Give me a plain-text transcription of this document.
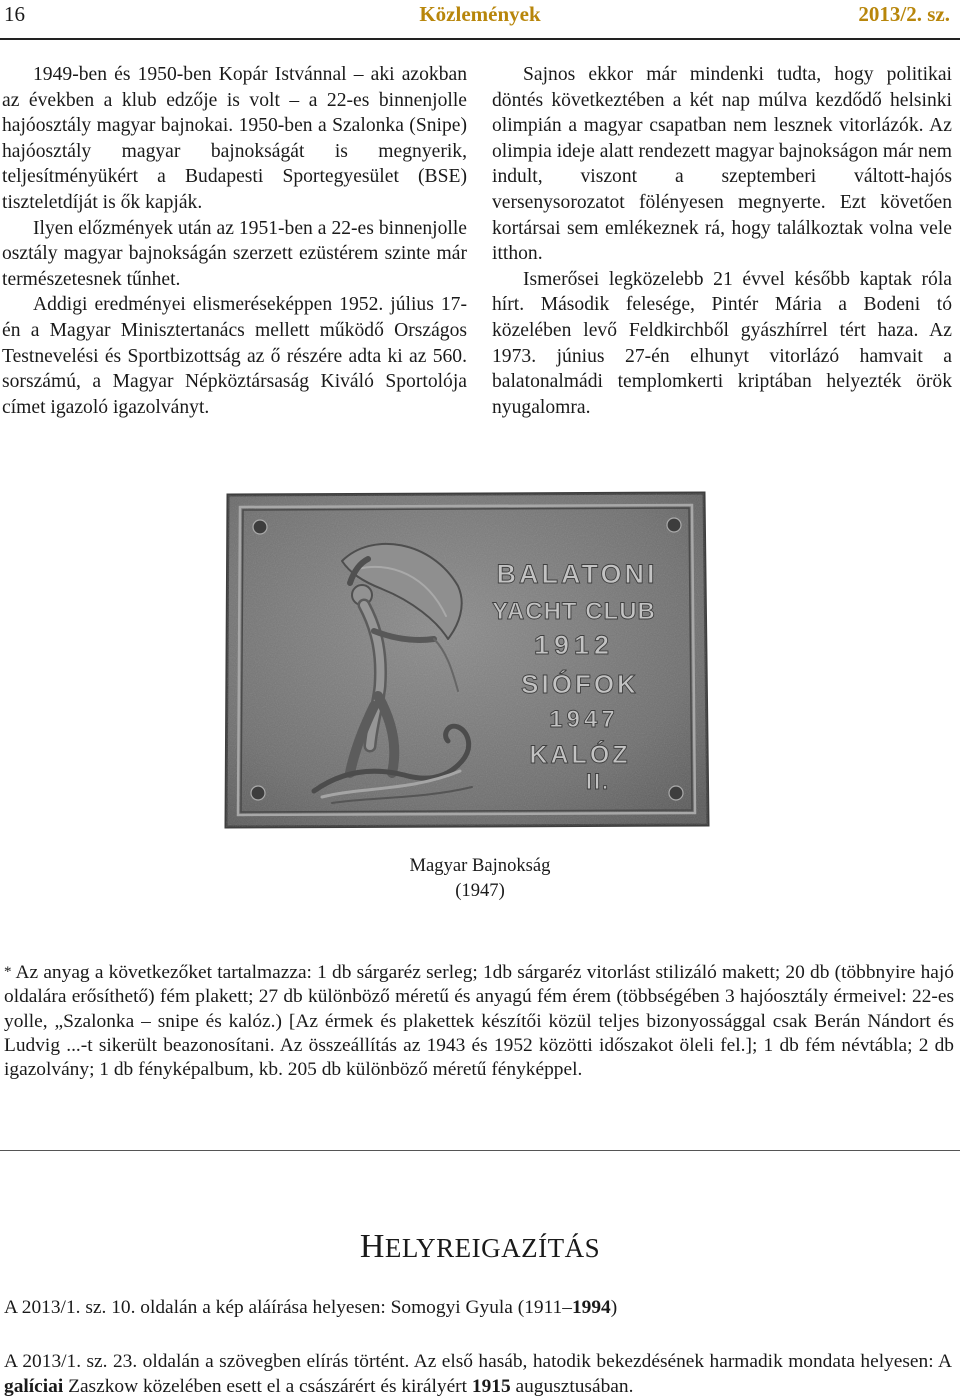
16	Közlemények	2013/2. sz.

1949-ben és 1950-ben Kopár Istvánnal – aki azokban az években a klub edzője is volt – a 22-es binnenjolle hajóosztály magyar bajnokai. 1950-ben a Szalonka (Snipe) hajóosztály magyar bajnokságát is megnyerik, teljesítményükért a Budapesti Sportegyesület (BSE) tiszteletdíját is ők kapják.

Ilyen előzmények után az 1951-ben a 22-es binnenjolle osztály magyar bajnokságán szerzett ezüstérem szinte már természetesnek tűnhet.

Addigi eredményei elismeréseképpen 1952. július 17-én a Magyar Minisztertanács mellett működő Országos Testnevelési és Sportbizottság az ő részére adta ki az 560. sorszámú, a Magyar Népköztársaság Kiváló Sportolója címet igazoló igazolványt.

Sajnos ekkor már mindenki tudta, hogy politikai döntés következtében a két nap múlva kezdődő helsinki olimpián a magyar csapatban nem lesznek vitorlázók. Az olimpia ideje alatt rendezett magyar bajnokságon már nem indult, viszont a szeptemberi váltott-hajós versenysorozatot fölényesen megnyerte. Ezt követően kortársai sem emlékeznek rá, hogy találkoztak volna vele itthon.

Ismerősei legközelebb 21 évvel később kaptak róla hírt. Második felesége, Pintér Mária a Bodeni tó közelében levő Feldkirchből gyászhírrel tért haza. Az 1973. június 27-én elhunyt vitorlázó hamvait a balatonalmádi templomkerti kriptában helyezték örök nyugalomra.

BALATONI
YACHT CLUB
1912
SIÓFOK
1947
KALÓZ
II.
Magyar Bajnokság
(1947)
* Az anyag a következőket tartalmazza: 1 db sárgaréz serleg; 1db sárgaréz vitorlást stilizáló makett; 20 db (többnyire hajó oldalára erősíthető) fém plakett; 27 db különböző méretű és anyagú fém érem (többségében 3 hajóosztály érmeivel: 22-es yolle, „Szalonka – snipe és kalóz.) [Az érmek és plakettek készítői közül teljes bizonyossággal csak Berán Nándort és Ludvig ...-t sikerült beazonosítani. Az összeállítás az 1943 és 1952 közötti időszakot öleli fel.]; 1 db fém névtábla; 2 db igazolvány; 1 db fényképalbum, kb. 205 db különböző méretű fényképpel.
HELYREIGAZÍTÁS
A 2013/1. sz. 10. oldalán a kép aláírása helyesen: Somogyi Gyula (1911–1994)
A 2013/1. sz. 23. oldalán a szövegben elírás történt. Az első hasáb, hatodik bekezdésének harmadik mondata helyesen: A galíciai Zaszkow közelében esett el a császárért és királyért 1915 augusztusában.
